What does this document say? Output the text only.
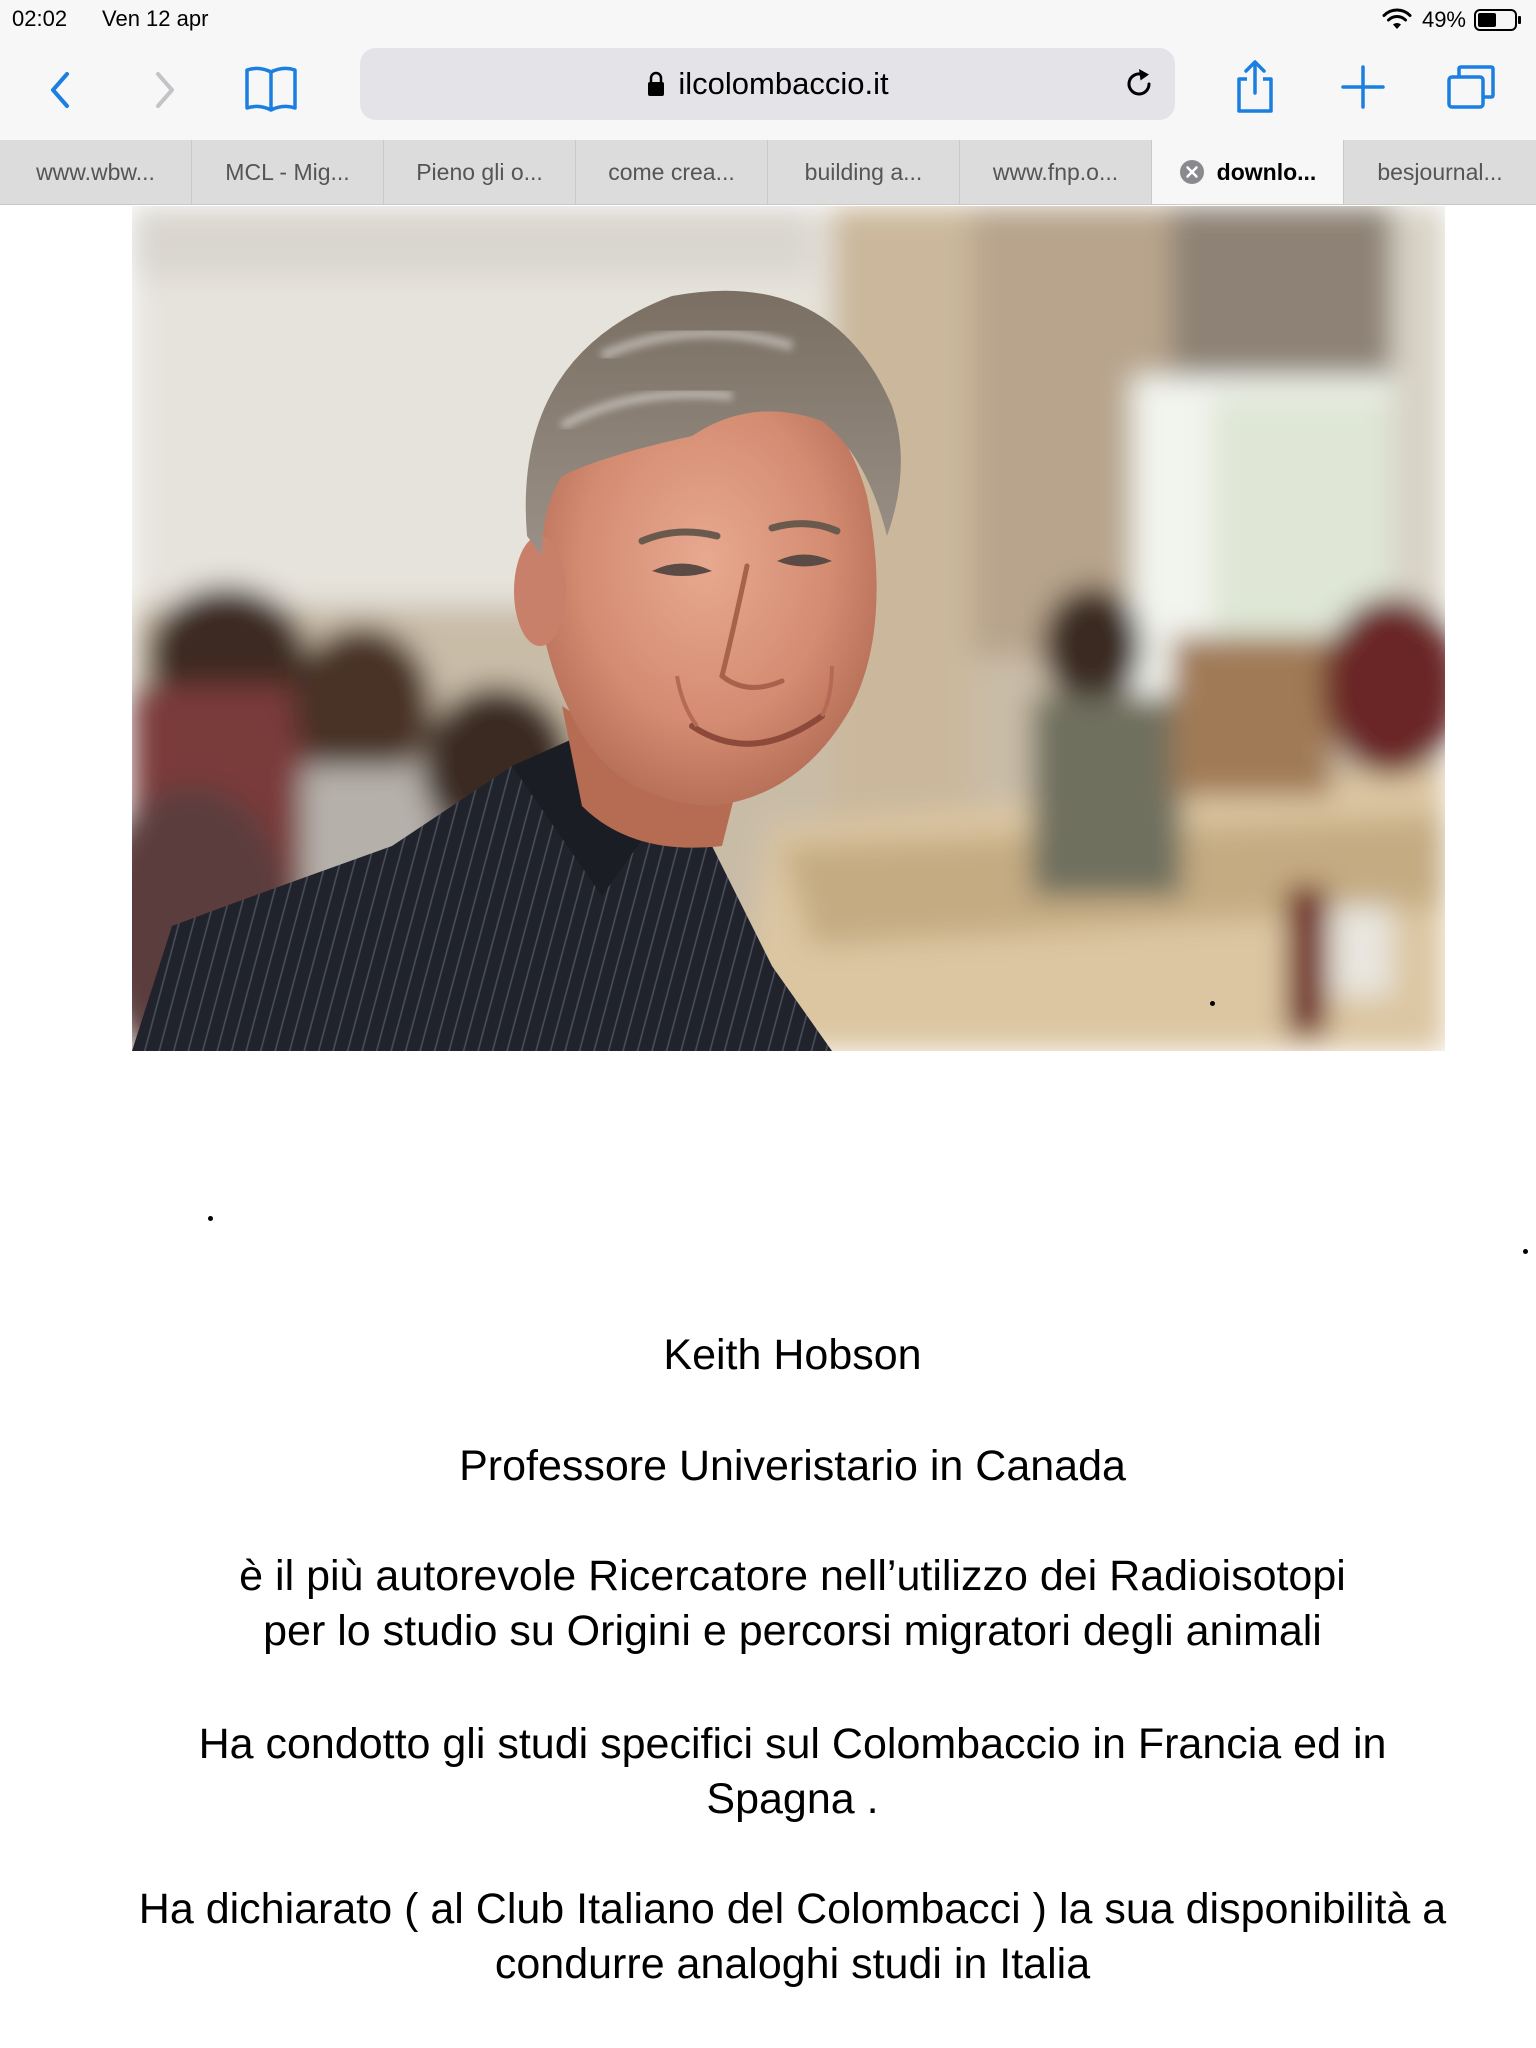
02:02 Ven 12 apr	49%
ilcolombaccio.it
www.wbw...	MCL - Mig...	Pieno gli o...	come crea...	building a...	www.fnp.o...	downlo...	besjournal...
Keith Hobson
Professore Univeristario in Canada
è il più autorevole Ricercatore nell’utilizzo dei Radioisotopi
per lo studio su Origini e percorsi migratori degli animali
Ha condotto gli studi specifici sul Colombaccio in Francia ed in
Spagna .
Ha dichiarato ( al Club Italiano del Colombacci ) la sua disponibilità a
condurre analoghi studi in Italia
